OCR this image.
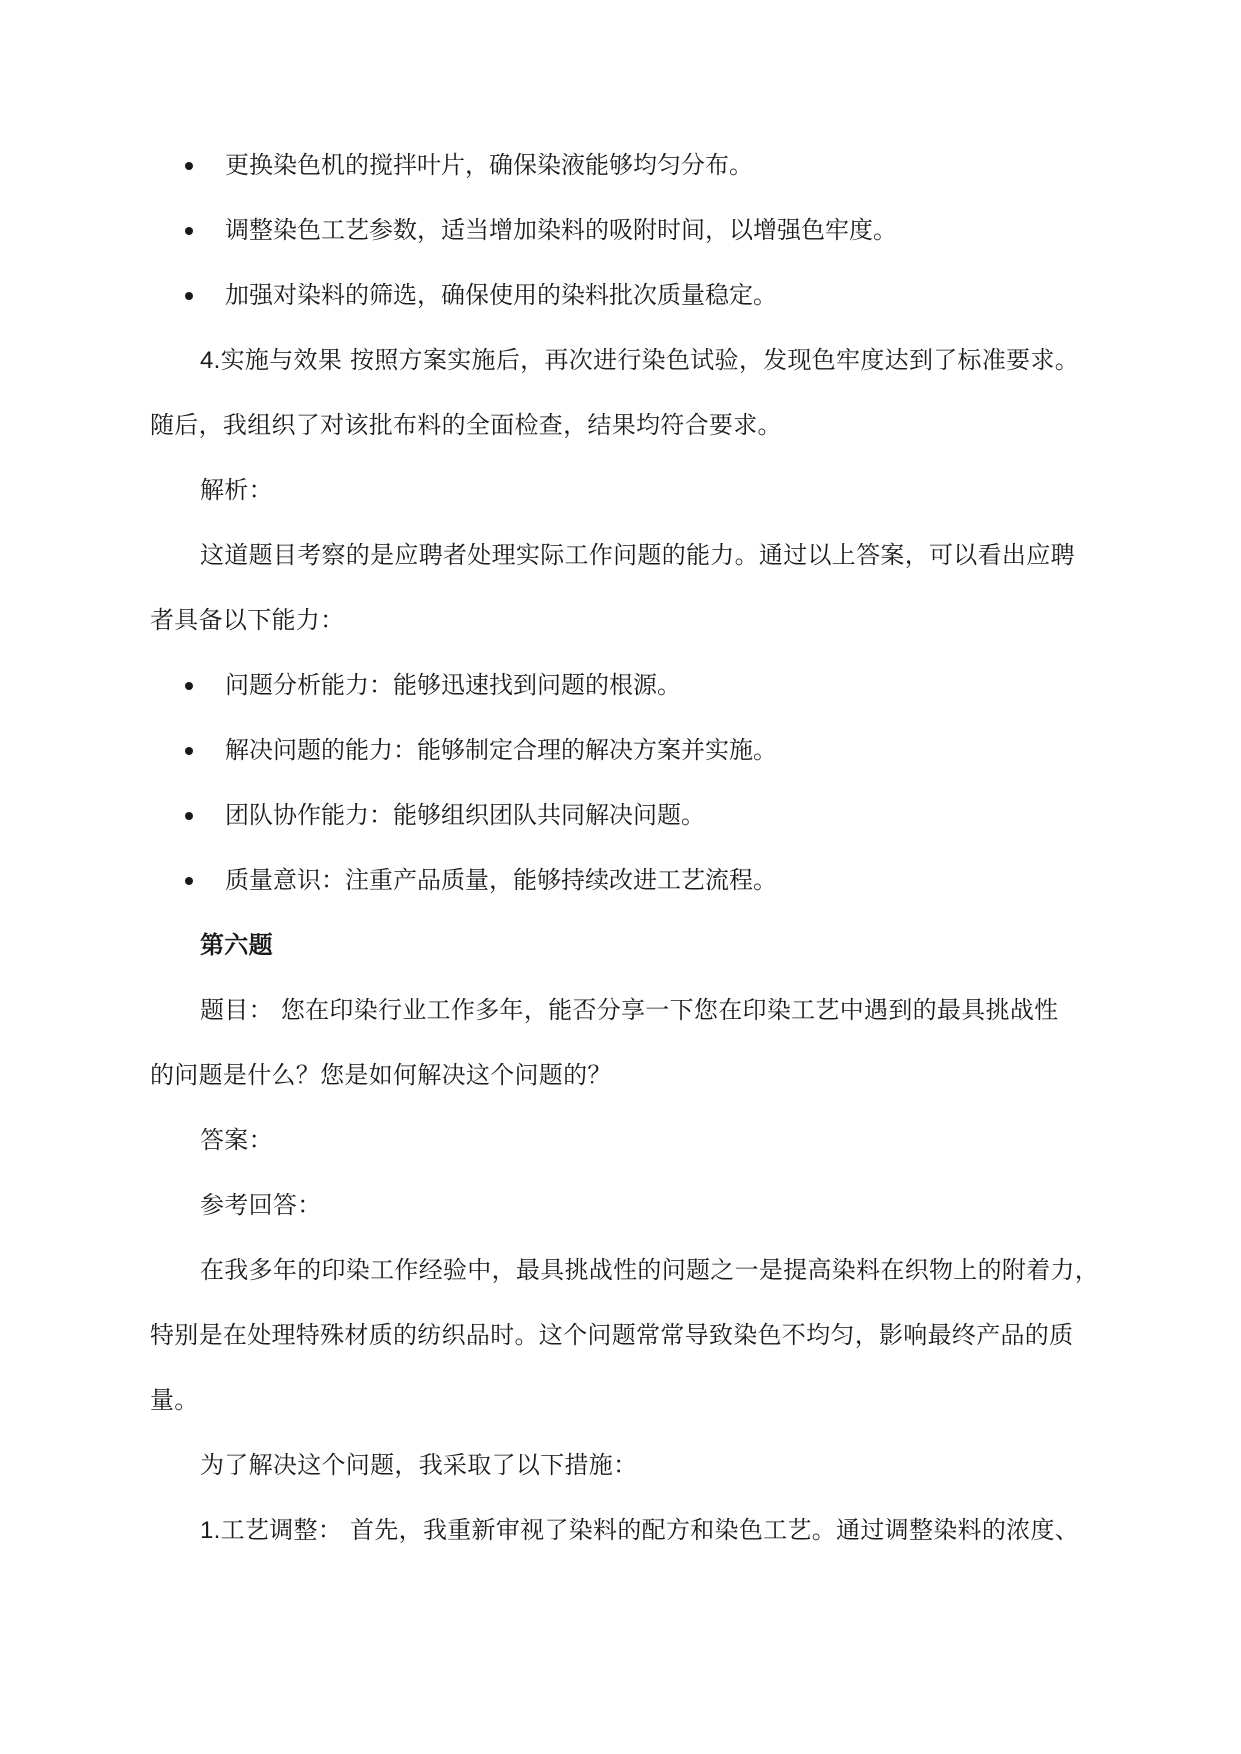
更换染色机的搅拌叶片，确保染液能够均匀分布。
调整染色工艺参数，适当增加染料的吸附时间，以增强色牢度。
加强对染料的筛选，确保使用的染料批次质量稳定。
4.实施与效果 按照方案实施后，再次进行染色试验，发现色牢度达到了标准要求。
随后，我组织了对该批布料的全面检查，结果均符合要求。
解析：
这道题目考察的是应聘者处理实际工作问题的能力。通过以上答案，可以看出应聘
者具备以下能力：
问题分析能力：能够迅速找到问题的根源。
解决问题的能力：能够制定合理的解决方案并实施。
团队协作能力：能够组织团队共同解决问题。
质量意识：注重产品质量，能够持续改进工艺流程。
第六题
题目： 您在印染行业工作多年，能否分享一下您在印染工艺中遇到的最具挑战性
的问题是什么？您是如何解决这个问题的？
答案：
参考回答：
在我多年的印染工作经验中，最具挑战性的问题之一是提高染料在织物上的附着力，
特别是在处理特殊材质的纺织品时。这个问题常常导致染色不均匀，影响最终产品的质
量。
为了解决这个问题，我采取了以下措施：
1.工艺调整： 首先，我重新审视了染料的配方和染色工艺。通过调整染料的浓度、
